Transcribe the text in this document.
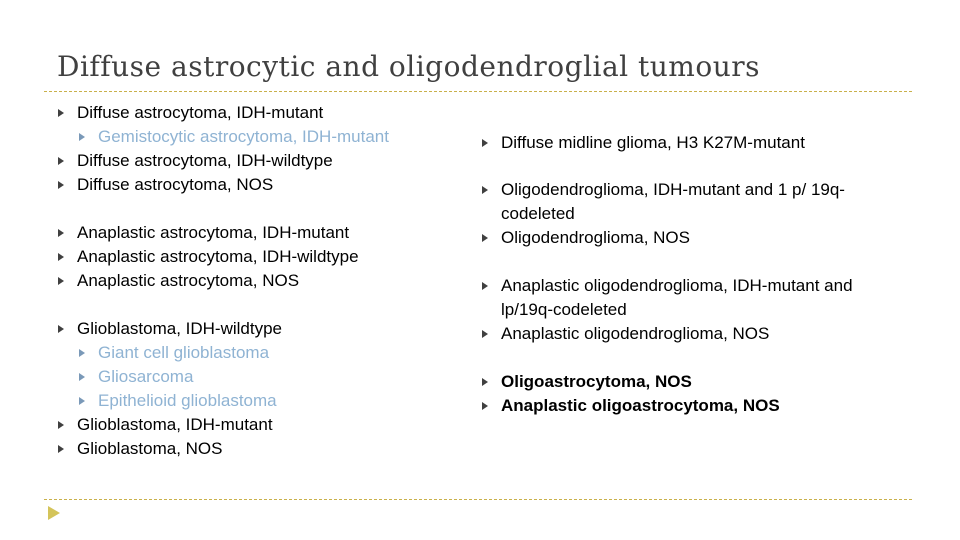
Diffuse astrocytic and oligodendroglial tumours
Diffuse astrocytoma, IDH-mutant
Gemistocytic astrocytoma, IDH-mutant
Diffuse astrocytoma, IDH-wildtype
Diffuse astrocytoma, NOS
Anaplastic astrocytoma, IDH-mutant
Anaplastic astrocytoma, IDH-wildtype
Anaplastic astrocytoma, NOS
Glioblastoma, IDH-wildtype
Giant cell glioblastoma
Gliosarcoma
Epithelioid glioblastoma
Glioblastoma, IDH-mutant
Glioblastoma, NOS
Diffuse midline glioma, H3 K27M-mutant
Oligodendroglioma, IDH-mutant and 1 p/ 19q-codeleted
Oligodendroglioma, NOS
Anaplastic oligodendroglioma, IDH-mutant and lp/19q-codeleted
Anaplastic oligodendroglioma, NOS
Oligoastrocytoma, NOS
Anaplastic oligoastrocytoma, NOS
